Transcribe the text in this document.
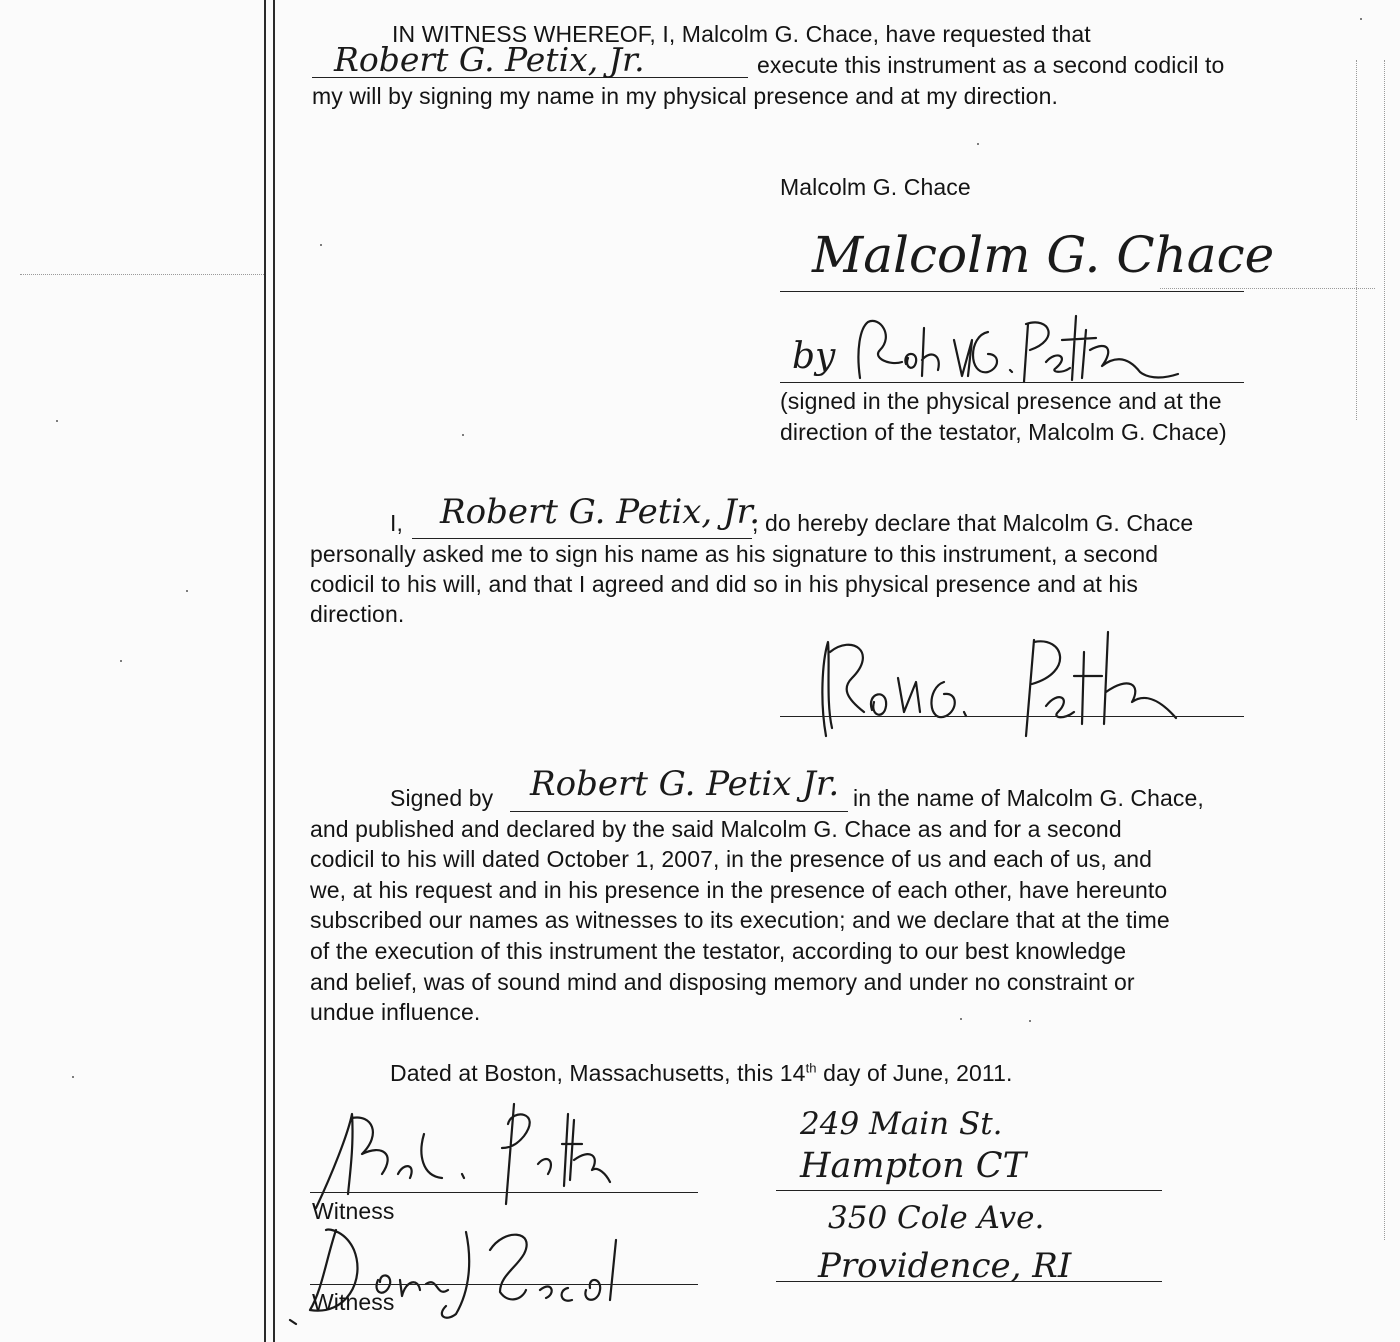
IN WITNESS WHEREOF, I, Malcolm G. Chace, have requested that
Robert G. Petix, Jr.	execute this instrument as a second codicil to
my will by signing my name in my physical presence and at my direction.
Malcolm G. Chace
Malcolm G. Chace
by
(signed in the physical presence and at the
direction of the testator, Malcolm G. Chace)
I, Robert G. Petix, Jr.
, do hereby declare that Malcolm G. Chace
personally asked me to sign his name as his signature to this instrument, a second
codicil to his will, and that I agreed and did so in his physical presence and at his
direction.
Signed by Robert G. Petix Jr. in the name of Malcolm G. Chace,
and published and declared by the said Malcolm G. Chace as and for a second
codicil to his will dated October 1, 2007, in the presence of us and each of us, and
we, at his request and in his presence in the presence of each other, have hereunto
subscribed our names as witnesses to its execution; and we declare that at the time
of the execution of this instrument the testator, according to our best knowledge
and belief, was of sound mind and disposing memory and under no constraint or
undue influence.
Dated at Boston, Massachusetts, this 14th day of June, 2011.
Witness
249 Main St.
Hampton CT
Witness
350 Cole Ave.
Providence, RI
